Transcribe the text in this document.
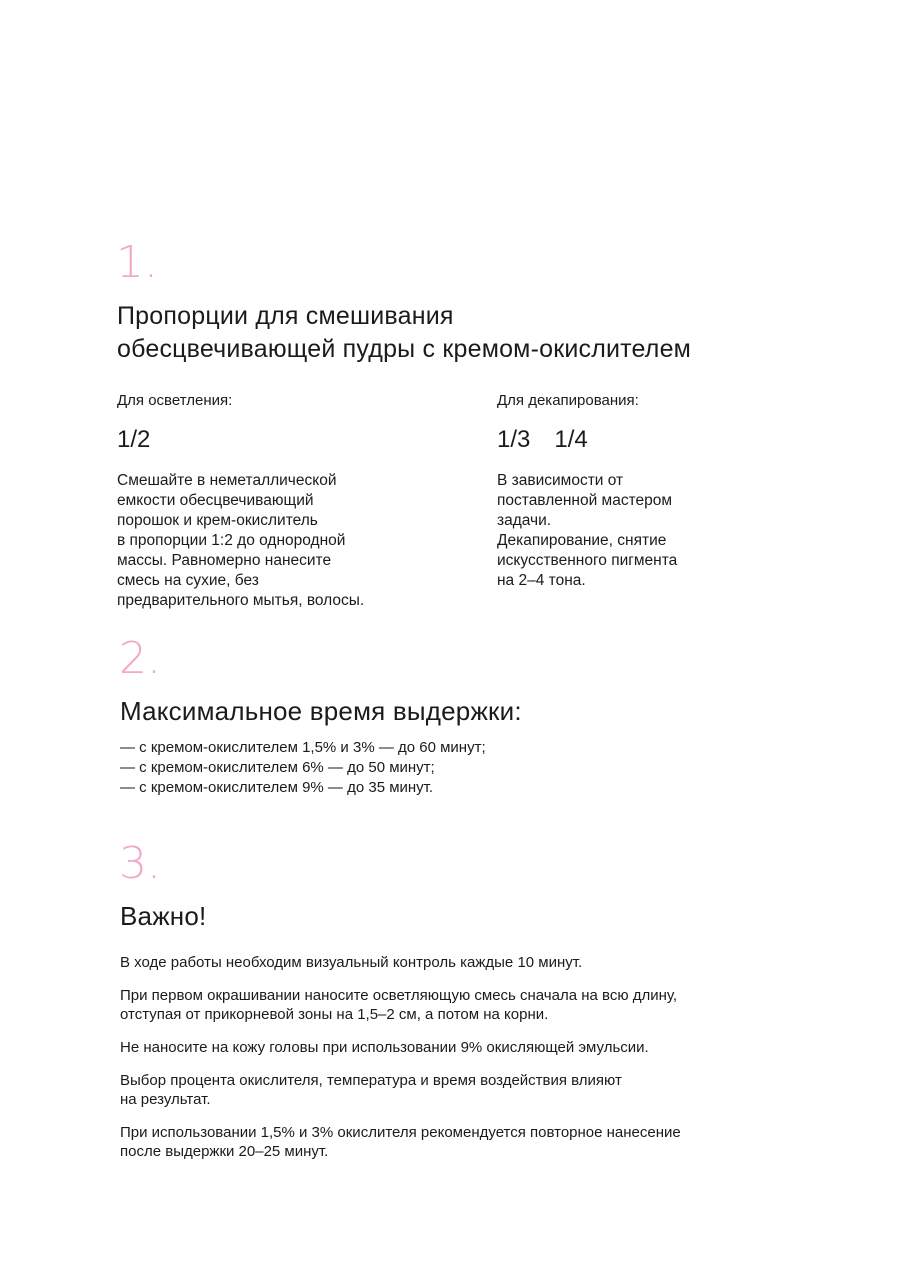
1.
Пропорции для смешивания
обесцвечивающей пудры с кремом-окислителем
Для осветления:
1/2
Смешайте в неметаллической
емкости обесцвечивающий
порошок и крем-окислитель
в пропорции 1:2 до однородной
массы. Равномерно нанесите
смесь на сухие, без
предварительного мытья, волосы.
Для декапирования:
1/3 1/4
В зависимости от
поставленной мастером
задачи.
Декапирование, снятие
искусственного пигмента
на 2–4 тона.
2.
Максимальное время выдержки:
— с кремом-окислителем 1,5% и 3% — до 60 минут;
— с кремом-окислителем 6% — до 50 минут;
— с кремом-окислителем 9% — до 35 минут.
3.
Важно!
В ходе работы необходим визуальный контроль каждые 10 минут.
При первом окрашивании наносите осветляющую смесь сначала на всю длину,
отступая от прикорневой зоны на 1,5–2 см, а потом на корни.
Не наносите на кожу головы при использовании 9% окисляющей эмульсии.
Выбор процента окислителя, температура и время воздействия влияют
на результат.
При использовании 1,5% и 3% окислителя рекомендуется повторное нанесение
после выдержки 20–25 минут.
